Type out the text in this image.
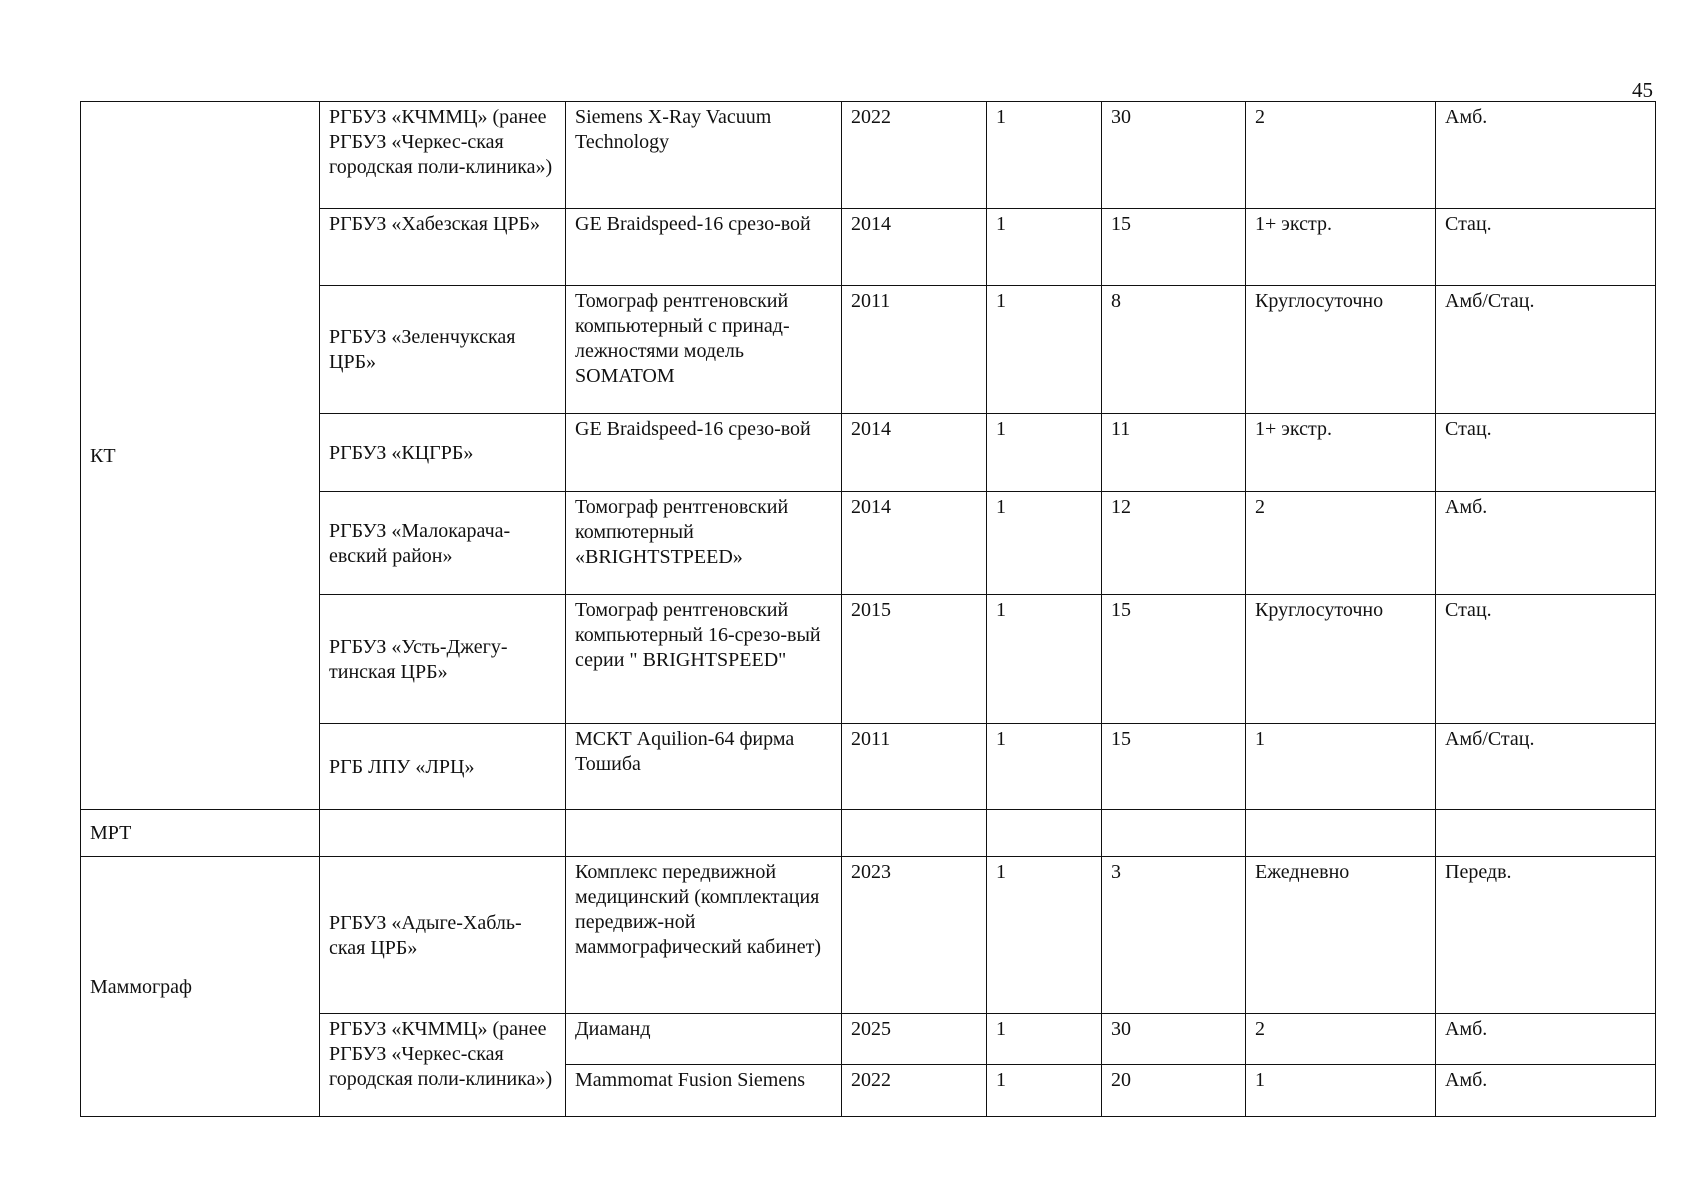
45
КТ	РГБУЗ «КЧММЦ» (ранее РГБУЗ «Черкес-ская городская поли-клиника»)	Siemens X-Ray Vacuum Technology	2022	1	30	2	Амб.
	РГБУЗ «Хабезская ЦРБ»	GE Braidspeed-16 срезо-вой	2014	1	15	1+ экстр.	Стац.
	РГБУЗ «Зеленчукская ЦРБ»	Томограф рентгеновский компьютерный с принад-лежностями модель SOMATOM	2011	1	8	Круглосуточно	Амб/Стац.
	РГБУЗ «КЦГРБ»	GE Braidspeed-16 срезо-вой	2014	1	11	1+ экстр.	Стац.
	РГБУЗ «Малокарача-евский район»	Томограф рентгеновский компютерный «BRIGHTSTPEED»	2014	1	12	2	Амб.
	РГБУЗ «Усть-Джегу-тинская ЦРБ»	Томограф рентгеновский компьютерный 16-срезо-вый серии " BRIGHTSPEED"	2015	1	15	Круглосуточно	Стац.
	РГБ ЛПУ «ЛРЦ»	МСКТ Aquilion-64 фирма Тошиба	2011	1	15	1	Амб/Стац.
МРТ							
Маммограф	РГБУЗ «Адыге-Хабль-ская ЦРБ»	Комплекс передвижной медицинский (комплектация передвиж-ной маммографический кабинет)	2023	1	3	Ежедневно	Передв.
	РГБУЗ «КЧММЦ» (ранее РГБУЗ «Черкес-ская городская поли-клиника»)	Диаманд	2025	1	30	2	Амб.
		Mammomat Fusion Siemens	2022	1	20	1	Амб.
